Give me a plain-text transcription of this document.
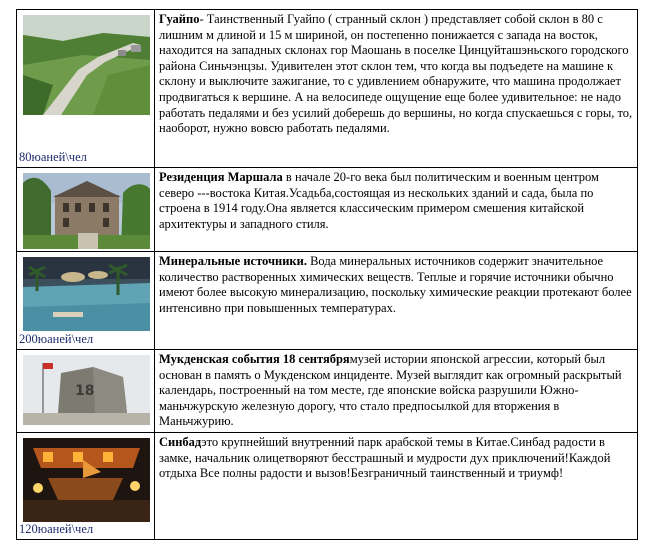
80юаней\чел	Гуайпо- Таинственный Гуайпо ( странный склон ) представляет собой склон в 80 с лишним м длиной и 15 м шириной, он постепенно понижается с запада на восток, находится на западных склонах гор Маошань в поселке Цинцуйташэньского городского района Синьчэнцзы. Удивителен этот склон тем, что когда вы подъедете на машине к склону и выключите зажигание, то с удивлением обнаружите, что машина продолжает продвигаться к вершине. А на велосипеде ощущение еще более удивительное: не надо работать педалями и без усилий доберешь до вершины, но когда спускаешься с горы, то, наоборот, нужно вовсю работать педалями.

	Резиденция Маршала в начале 20-го века был политическим и военным центром северо ---востока Китая.Усадьба,состоящая из нескольких зданий и сада, была по строена в 1914 году.Она является классическим примером смешения китайской архитектуры и западного стиля.

200юаней\чел	Минеральные источники. Вода минеральных источников содержит значительное количество растворенных химических веществ. Теплые и горячие источники обычно имеют более высокую минерализацию, поскольку химические реакции протекают более интенсивно при повышенных температурах.

18	Мукденская события 18 сентябрямузей истории японской агрессии, который был основан в память о Мукденском инциденте. Музей выглядит как огромный раскрытый календарь, построенный на том месте, где японские войска разрушили Южно-маньчжурскую железную дорогу, что стало предпосылкой для вторжения в Маньчжурию.

120юаней\чел	Синбадэто крупнейший внутренний парк арабской темы в Китае.Синбад радости в замке, начальник олицетворяют бесстрашный и мудрости дух приключений!Каждой отдыха Все полны радости и вызов!Безграничный таинственный и триумф!
